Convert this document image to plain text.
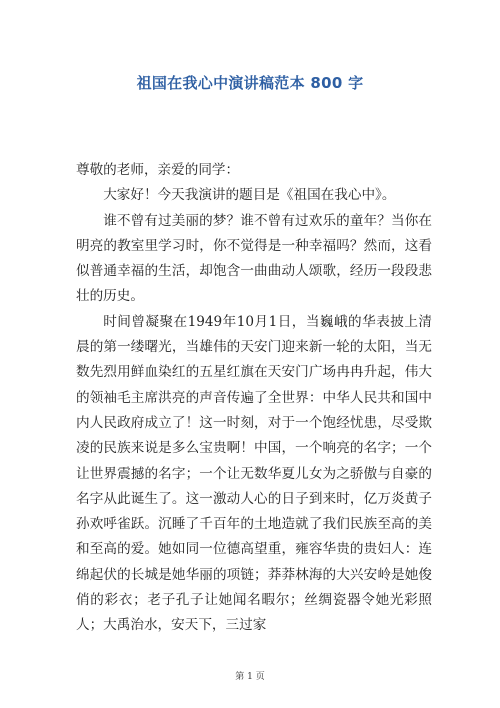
祖国在我心中演讲稿范本 800 字

尊敬的老师，亲爱的同学：

大家好！今天我演讲的题目是《祖国在我心中》。

谁不曾有过美丽的梦？谁不曾有过欢乐的童年？当你在明亮的教室里学习时，你不觉得是一种幸福吗？然而，这看似普通幸福的生活，却饱含一曲曲动人颂歌，经历一段段悲壮的历史。

时间曾凝聚在1949年10月1日，当巍峨的华表披上清晨的第一缕曙光，当雄伟的天安门迎来新一轮的太阳，当无数先烈用鲜血染红的五星红旗在天安门广场冉冉升起，伟大的领袖毛主席洪亮的声音传遍了全世界：中华人民共和国中内人民政府成立了！这一时刻，对于一个饱经忧患，尽受欺凌的民族来说是多么宝贵啊！中国，一个响亮的名字；一个让世界震撼的名字；一个让无数华夏儿女为之骄傲与自豪的名字从此诞生了。这一激动人心的日子到来时，亿万炎黄子孙欢呼雀跃。沉睡了千百年的土地造就了我们民族至高的美和至高的爱。她如同一位德高望重，雍容华贵的贵妇人：连绵起伏的长城是她华丽的项链；莽莽林海的大兴安岭是她俊俏的彩衣；老子孔子让她闻名暇尔；丝绸瓷器令她光彩照人；大禹治水，安天下，三过家

第 1 页
